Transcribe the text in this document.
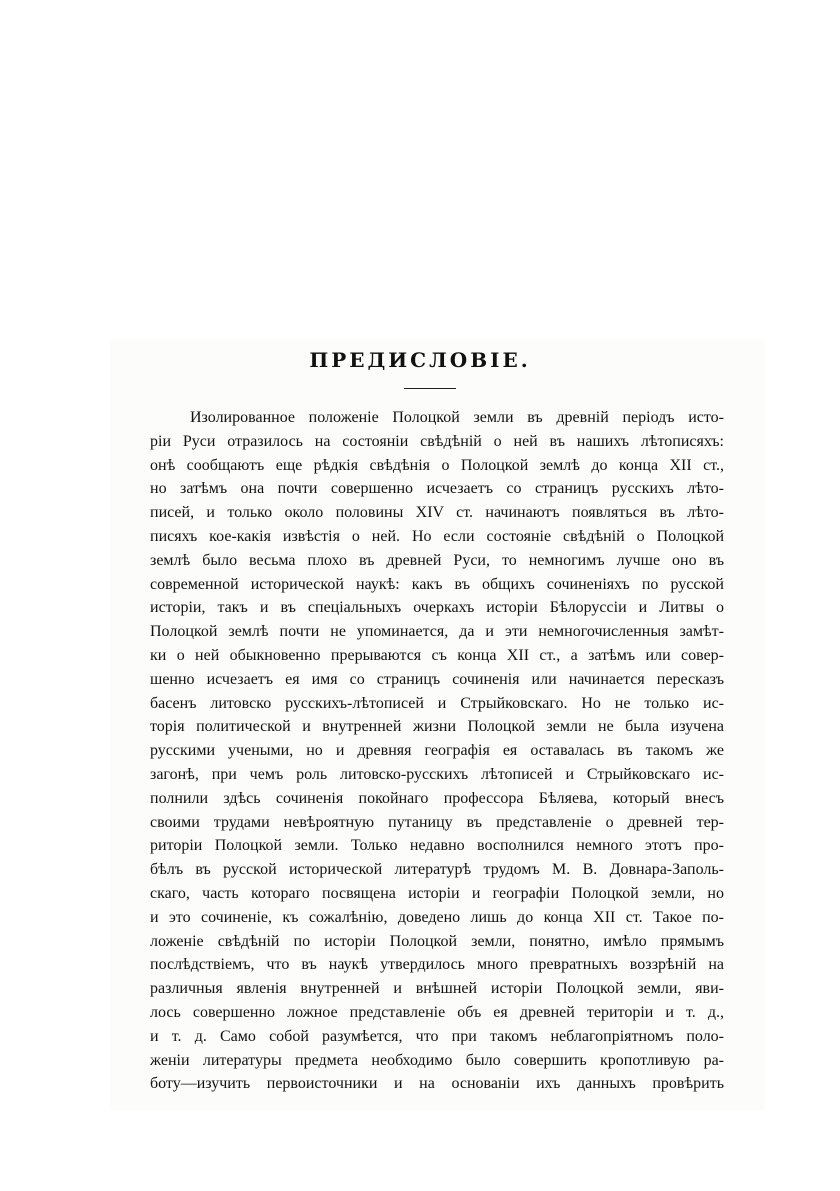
ПРЕДИСЛОВІЕ.
Изолированное положеніе Полоцкой земли въ древній періодъ исто-
ріи Руси отразилось на состояніи свѣдѣній о ней въ нашихъ лѣтописяхъ:
онѣ сообщаютъ еще рѣдкія свѣдѣнія о Полоцкой землѣ до конца XII ст.,
но затѣмъ она почти совершенно исчезаетъ со страницъ русскихъ лѣто-
писей, и только около половины XIV ст. начинаютъ появляться въ лѣто-
писяхъ кое-какія извѣстія о ней. Но если состояніе свѣдѣній о Полоцкой
землѣ было весьма плохо въ древней Руси, то немногимъ лучше оно въ
современной исторической наукѣ: какъ въ общихъ сочиненіяхъ по русской
исторіи, такъ и въ спеціальныхъ очеркахъ исторіи Бѣлоруссіи и Литвы о
Полоцкой землѣ почти не упоминается, да и эти немногочисленныя замѣт-
ки о ней обыкновенно прерываются съ конца XII ст., а затѣмъ или совер-
шенно исчезаетъ ея имя со страницъ сочиненія или начинается пересказъ
басенъ литовско русскихъ-лѣтописей и Стрыйковскаго. Но не только ис-
торія политической и внутренней жизни Полоцкой земли не была изучена
русскими учеными, но и древняя географія ея оставалась въ такомъ же
загонѣ, при чемъ роль литовско-русскихъ лѣтописей и Стрыйковскаго ис-
полнили здѣсь сочиненія покойнаго профессора Бѣляева, который внесъ
своими трудами невѣроятную путаницу въ представленіе о древней тер-
риторіи Полоцкой земли. Только недавно восполнился немного этотъ про-
бѣлъ въ русской исторической литературѣ трудомъ М. В. Довнара-Заполь-
скаго, часть котораго посвящена исторіи и географіи Полоцкой земли, но
и это сочиненіе, къ сожалѣнію, доведено лишь до конца XII ст. Такое по-
ложеніе свѣдѣній по исторіи Полоцкой земли, понятно, имѣло прямымъ
послѣдствіемъ, что въ наукѣ утвердилось много превратныхъ воззрѣній на
различныя явленія внутренней и внѣшней исторіи Полоцкой земли, яви-
лось совершенно ложное представленіе объ ея древней територіи и т. д.,
и т. д. Само собой разумѣется, что при такомъ неблагопріятномъ поло-
женіи литературы предмета необходимо было совершить кропотливую ра-
боту—изучить первоисточники и на основаніи ихъ данныхъ провѣрить
